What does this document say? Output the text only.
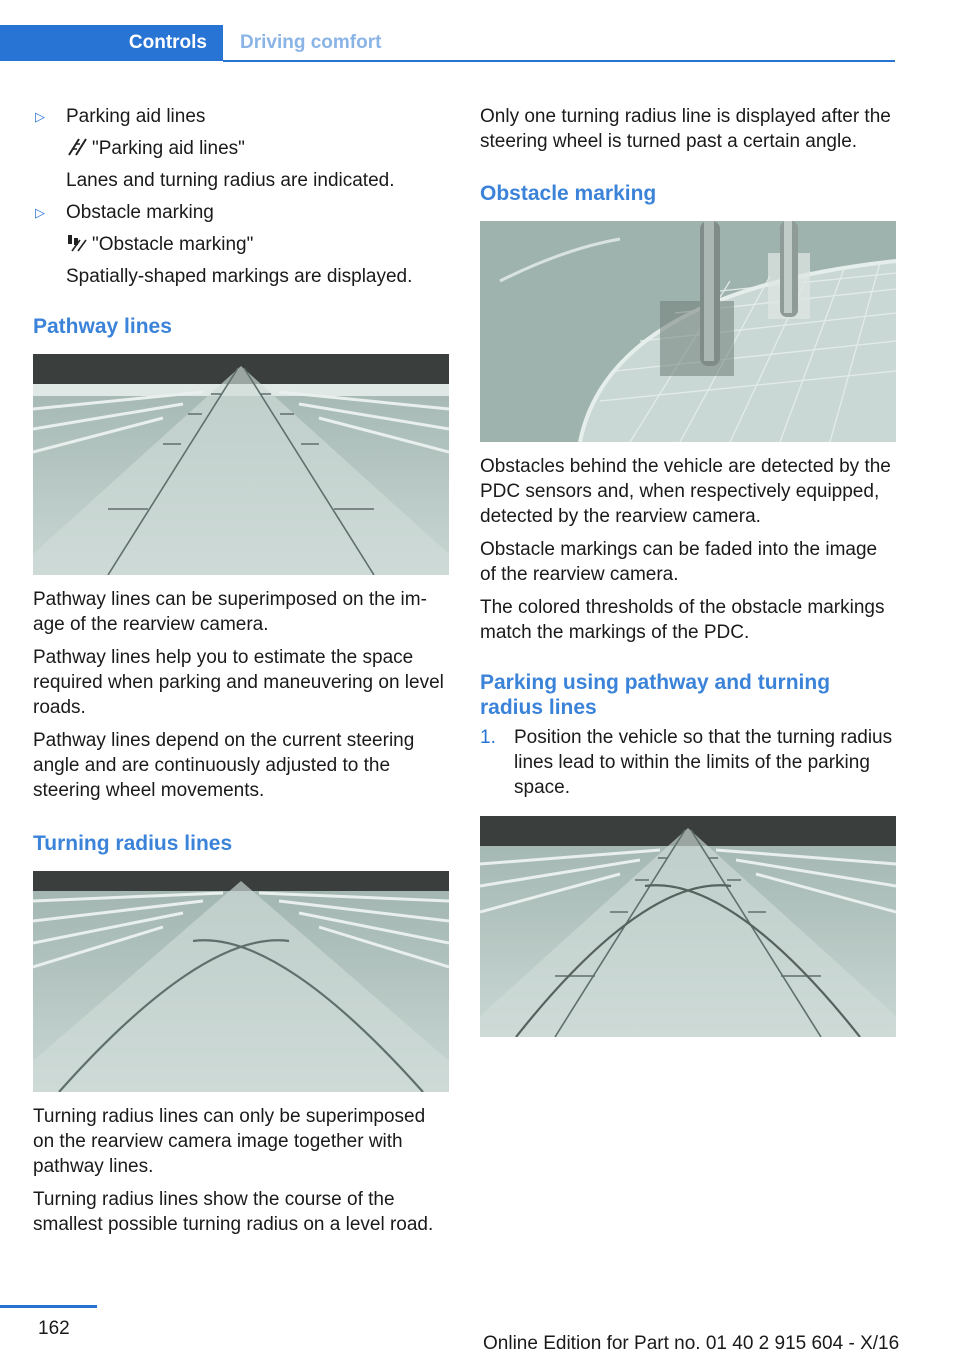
Controls	Driving comfort
▷ Parking aid lines
"Parking aid lines"
Lanes and turning radius are indicated.
▷ Obstacle marking
"Obstacle marking"
Spatially-shaped markings are displayed.
Pathway lines

Pathway lines can be superimposed on the image of the rearview camera.

Pathway lines help you to estimate the space required when parking and maneuvering on level roads.

Pathway lines depend on the current steering angle and are continuously adjusted to the steering wheel movements.

Turning radius lines

Turning radius lines can only be superimposed on the rearview camera image together with pathway lines.

Turning radius lines show the course of the smallest possible turning radius on a level road.

Only one turning radius line is displayed after the steering wheel is turned past a certain angle.

Obstacle marking

Obstacles behind the vehicle are detected by the PDC sensors and, when respectively equipped, detected by the rearview camera.

Obstacle markings can be faded into the image of the rearview camera.

The colored thresholds of the obstacle markings match the markings of the PDC.

Parking using pathway and turning radius lines
1. Position the vehicle so that the turning radius lines lead to within the limits of the parking space.
162
Online Edition for Part no. 01 40 2 915 604 - X/16
